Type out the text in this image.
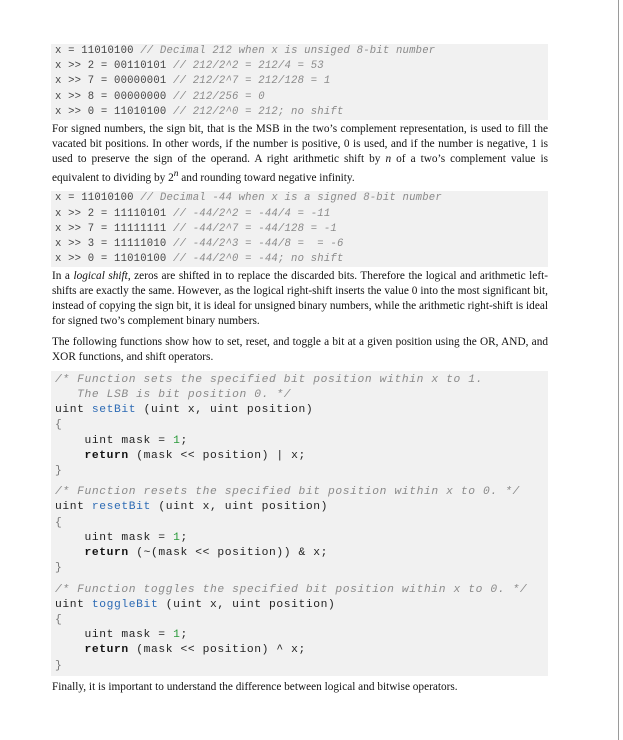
x = 11010100 // Decimal 212 when x is unsiged 8-bit number
x >> 2 = 00110101 // 212/2^2 = 212/4 = 53
x >> 7 = 00000001 // 212/2^7 = 212/128 = 1
x >> 8 = 00000000 // 212/256 = 0
x >> 0 = 11010100 // 212/2^0 = 212; no shift

For signed numbers, the sign bit, that is the MSB in the two’s complement representation, is used to fill the vacated bit positions. In other words, if the number is positive, 0 is used, and if the number is negative, 1 is used to preserve the sign of the operand. A right arithmetic shift by n of a two’s complement value is equivalent to dividing by 2$^n$ and rounding toward negative infinity.

x = 11010100 // Decimal -44 when x is a signed 8-bit number
x >> 2 = 11110101 // -44/2^2 = -44/4 = -11
x >> 7 = 11111111 // -44/2^7 = -44/128 = -1
x >> 3 = 11111010 // -44/2^3 = -44/8 =  = -6
x >> 0 = 11010100 // -44/2^0 = -44; no shift

In a logical shift, zeros are shifted in to replace the discarded bits. Therefore the logical and arithmetic left-shifts are exactly the same. However, as the logical right-shift inserts the value 0 into the most significant bit, instead of copying the sign bit, it is ideal for unsigned binary numbers, while the arithmetic right-shift is ideal for signed two’s complement binary numbers.

The following functions show how to set, reset, and toggle a bit at a given position using the OR, AND, and XOR functions, and shift operators.

/* Function sets the specified bit position within x to 1.
The LSB is bit position 0. */
uint setBit (uint x, uint position)
{
uint mask = 1;
return (mask << position) | x;
}
/* Function resets the specified bit position within x to 0. */
uint resetBit (uint x, uint position)
{
uint mask = 1;
return (~(mask << position)) & x;
}
/* Function toggles the specified bit position within x to 0. */
uint toggleBit (uint x, uint position)
{
uint mask = 1;
return (mask << position) ^ x;
}

Finally, it is important to understand the difference between logical and bitwise operators.
